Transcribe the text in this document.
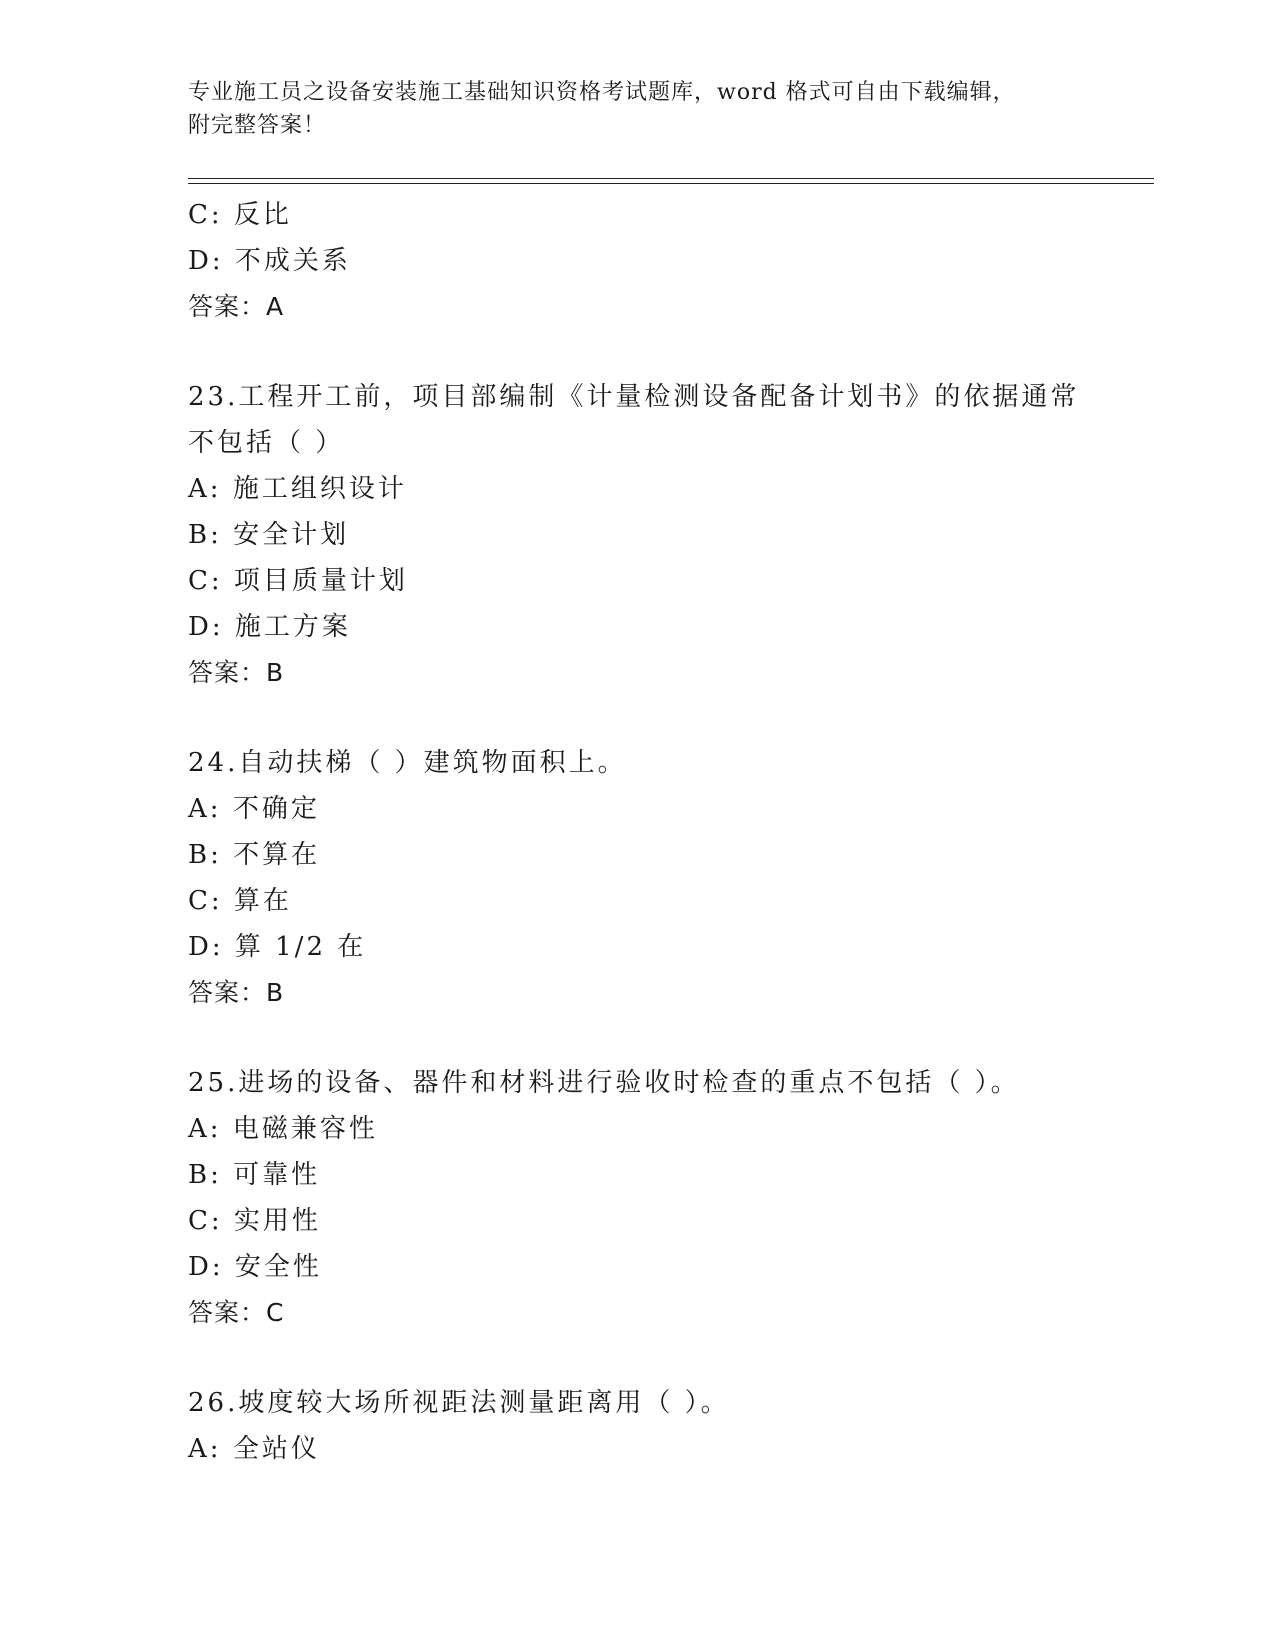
专业施工员之设备安装施工基础知识资格考试题库，word 格式可自由下载编辑，
附完整答案！
C: 反比
D: 不成关系
答案：A
23.工程开工前，项目部编制《计量检测设备配备计划书》的依据通常
不包括（ ）
A: 施工组织设计
B: 安全计划
C: 项目质量计划
D: 施工方案
答案：B
24.自动扶梯（ ）建筑物面积上。
A: 不确定
B: 不算在
C: 算在
D: 算 1/2 在
答案：B
25.进场的设备、器件和材料进行验收时检查的重点不包括（ ）。
A: 电磁兼容性
B: 可靠性
C: 实用性
D: 安全性
答案：C
26.坡度较大场所视距法测量距离用（ ）。
A: 全站仪
